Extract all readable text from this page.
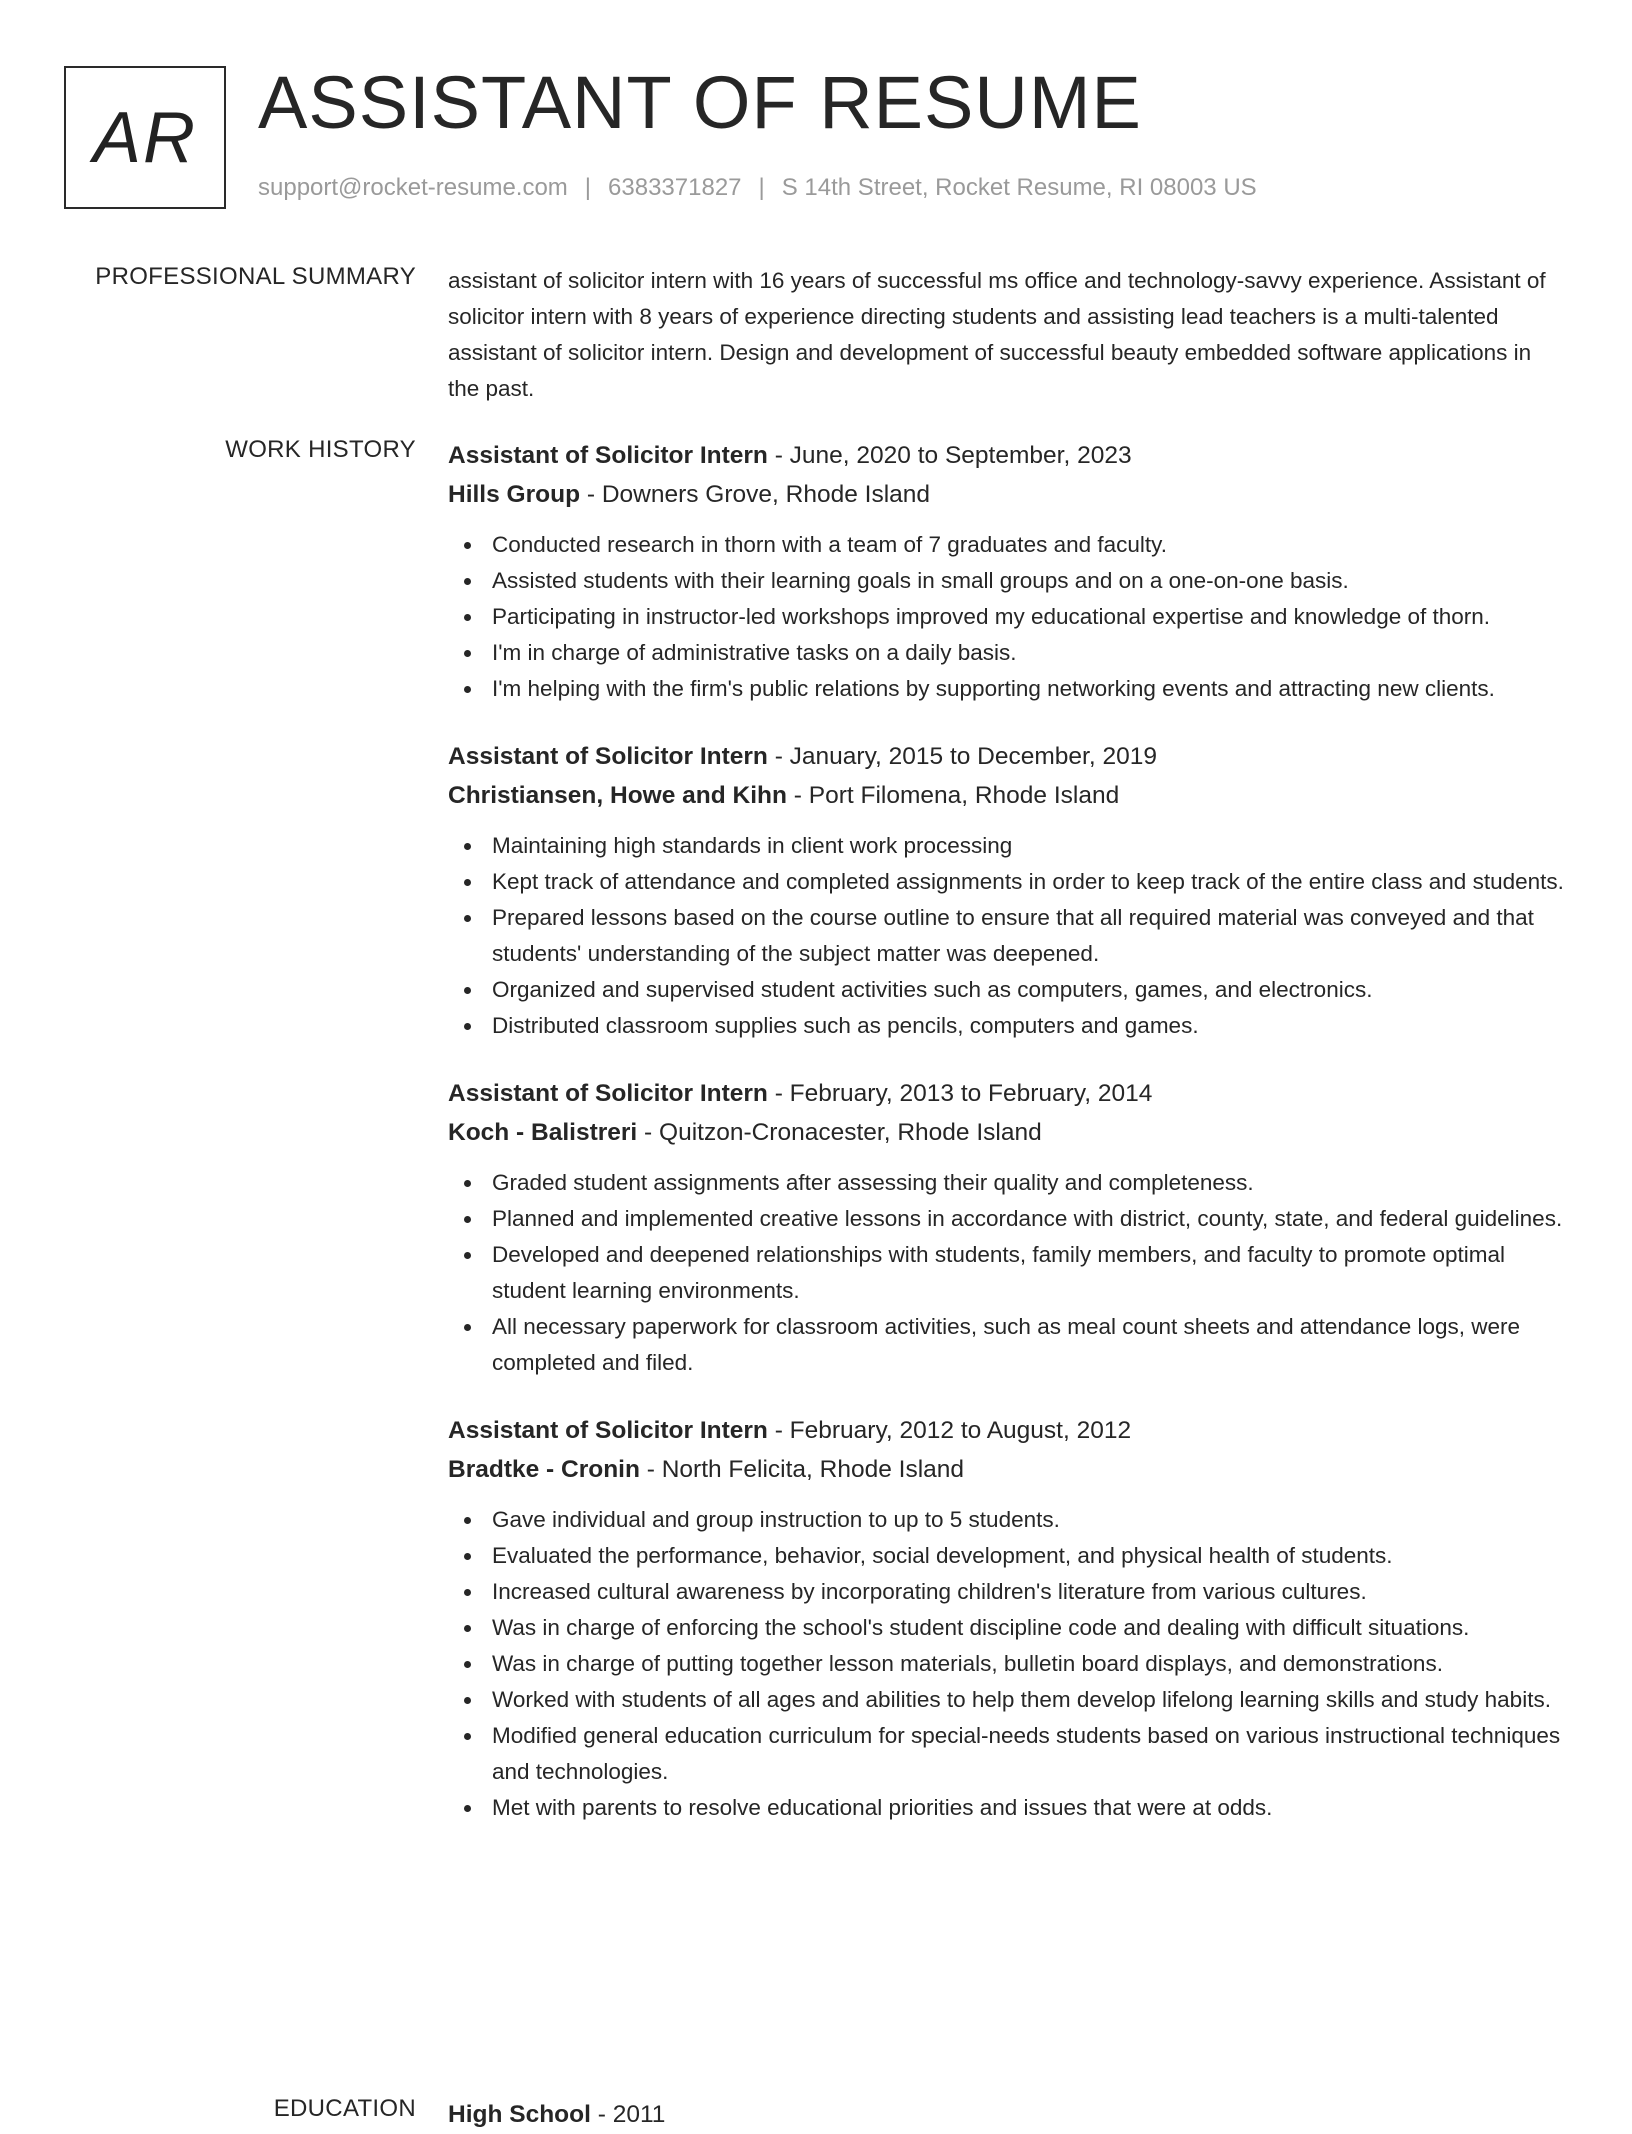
AR ASSISTANT OF RESUME
support@rocket-resume.com | 6383371827 | S 14th Street, Rocket Resume, RI 08003 US
PROFESSIONAL SUMMARY assistant of solicitor intern with 16 years of successful ms office and technology-savvy experience. Assistant of solicitor intern with 8 years of experience directing students and assisting lead teachers is a multi-talented assistant of solicitor intern. Design and development of successful beauty embedded software applications in the past.

WORK HISTORY Assistant of Solicitor Intern - June, 2020 to September, 2023
Hills Group - Downers Grove, Rhode Island
Conducted research in thorn with a team of 7 graduates and faculty.
Assisted students with their learning goals in small groups and on a one-on-one basis.
Participating in instructor-led workshops improved my educational expertise and knowledge of thorn.
I'm in charge of administrative tasks on a daily basis.
I'm helping with the firm's public relations by supporting networking events and attracting new clients.
Assistant of Solicitor Intern - January, 2015 to December, 2019
Christiansen, Howe and Kihn - Port Filomena, Rhode Island
Maintaining high standards in client work processing
Kept track of attendance and completed assignments in order to keep track of the entire class and students.
Prepared lessons based on the course outline to ensure that all required material was conveyed and that students' understanding of the subject matter was deepened.
Organized and supervised student activities such as computers, games, and electronics.
Distributed classroom supplies such as pencils, computers and games.
Assistant of Solicitor Intern - February, 2013 to February, 2014
Koch - Balistreri - Quitzon-Cronacester, Rhode Island
Graded student assignments after assessing their quality and completeness.
Planned and implemented creative lessons in accordance with district, county, state, and federal guidelines.
Developed and deepened relationships with students, family members, and faculty to promote optimal student learning environments.
All necessary paperwork for classroom activities, such as meal count sheets and attendance logs, were completed and filed.
Assistant of Solicitor Intern - February, 2012 to August, 2012
Bradtke - Cronin - North Felicita, Rhode Island
Gave individual and group instruction to up to 5 students.
Evaluated the performance, behavior, social development, and physical health of students.
Increased cultural awareness by incorporating children's literature from various cultures.
Was in charge of enforcing the school's student discipline code and dealing with difficult situations.
Was in charge of putting together lesson materials, bulletin board displays, and demonstrations.
Worked with students of all ages and abilities to help them develop lifelong learning skills and study habits.
Modified general education curriculum for special-needs students based on various instructional techniques and technologies.
Met with parents to resolve educational priorities and issues that were at odds.
EDUCATION High School - 2011
